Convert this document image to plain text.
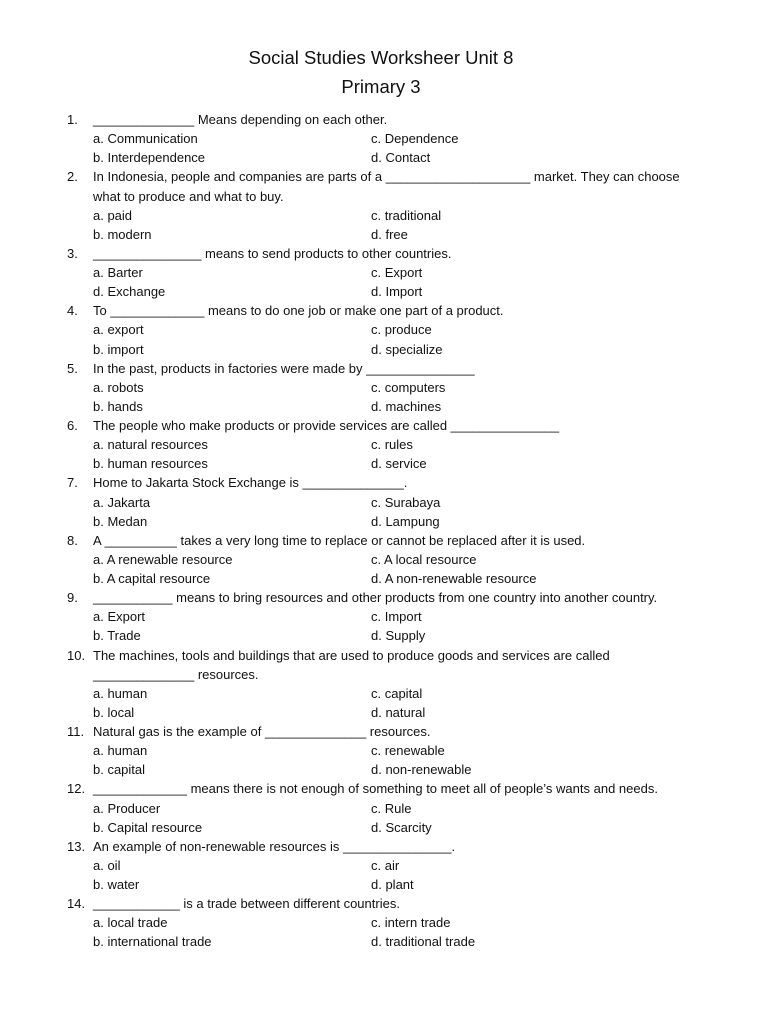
Social Studies Worksheer Unit 8
Primary 3
1.	______________ Means depending on each other.
a. Communication	c. Dependence
b. Interdependence	d. Contact
2.	In Indonesia, people and companies are parts of a ____________________ market. They can choose
what to produce and what to buy.
a. paid	c. traditional
b. modern	d. free
3.	_______________ means to send products to other countries.
a. Barter	c. Export
d. Exchange	d. Import
4.	To _____________ means to do one job or make one part of a product.
a. export	c. produce
b. import	d. specialize
5.	In the past, products in factories were made by _______________
a. robots	c. computers
b. hands	d. machines
6.	The people who make products or provide services are called _______________
a. natural resources	c. rules
b. human resources	d. service
7.	Home to Jakarta Stock Exchange is ______________.
a. Jakarta	c. Surabaya
b. Medan	d. Lampung
8.	A __________ takes a very long time to replace or cannot be replaced after it is used.
a. A renewable resource	c. A local resource
b. A capital resource	d. A non-renewable resource
9.	___________ means to bring resources and other products from one country into another country.
a. Export	c. Import
b. Trade	d. Supply
10. The machines, tools and buildings that are used to produce goods and services are called
______________ resources.
a. human	c. capital
b. local	d. natural
11. Natural gas is the example of ______________ resources.
a. human	c. renewable
b. capital	d. non-renewable
12. _____________ means there is not enough of something to meet all of people’s wants and needs.
a. Producer	c. Rule
b. Capital resource	d. Scarcity
13. An example of non-renewable resources is _______________.
a. oil	c. air
b. water	d. plant
14. ____________ is a trade between different countries.
a. local trade	c. intern trade
b. international trade	d. traditional trade
